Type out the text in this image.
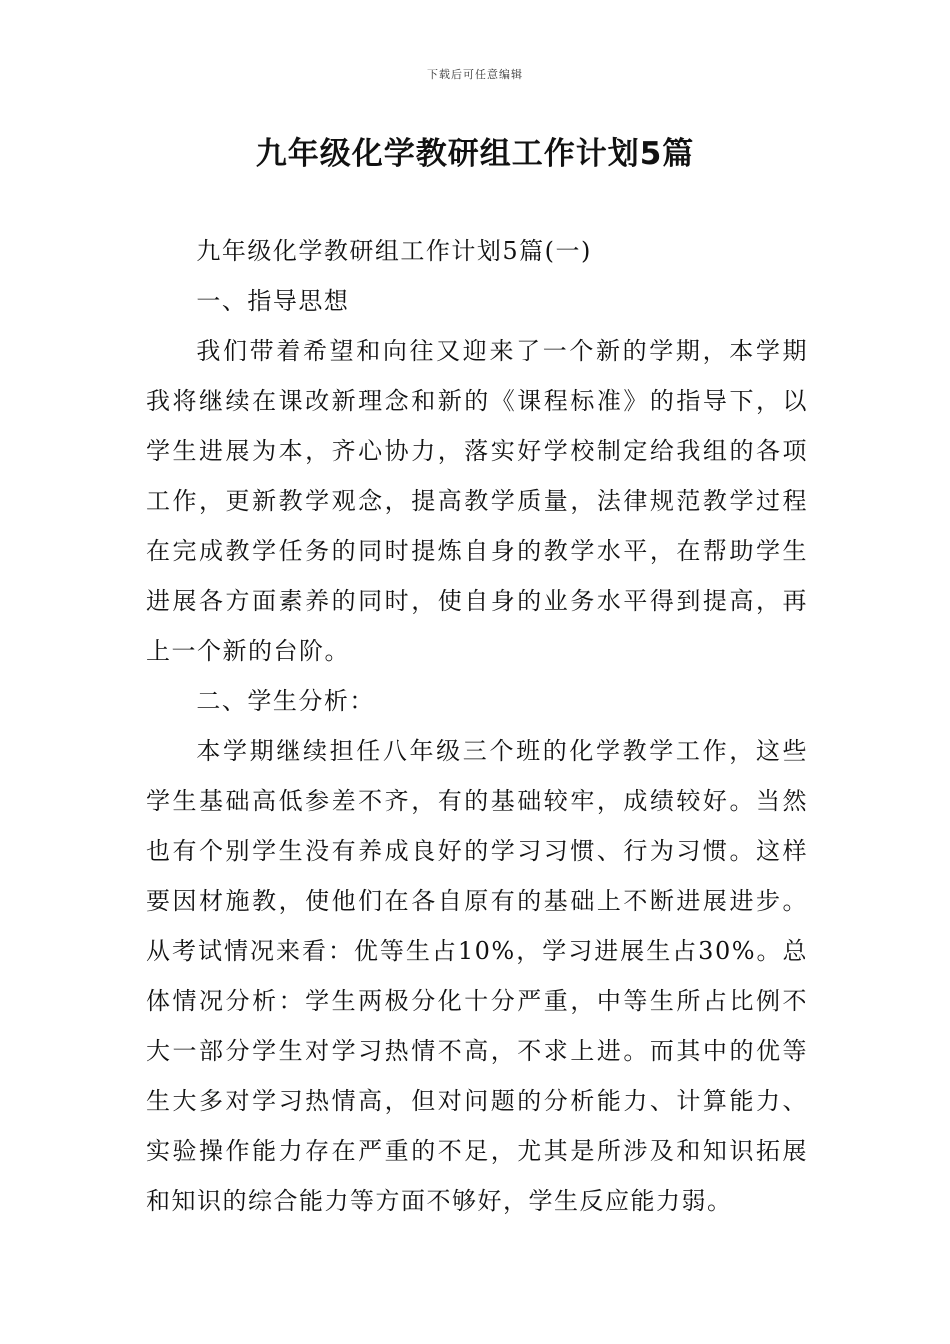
下载后可任意编辑
九年级化学教研组工作计划5篇

九年级化学教研组工作计划5篇(一)

一、指导思想

我们带着希望和向往又迎来了一个新的学期，本学期我将继续在课改新理念和新的《课程标准》的指导下，以学生进展为本，齐心协力，落实好学校制定给我组的各项工作，更新教学观念，提高教学质量，法律规范教学过程在完成教学任务的同时提炼自身的教学水平，在帮助学生进展各方面素养的同时，使自身的业务水平得到提高，再上一个新的台阶。

二、学生分析：

本学期继续担任八年级三个班的化学教学工作，这些学生基础高低参差不齐，有的基础较牢，成绩较好。当然也有个别学生没有养成良好的学习习惯、行为习惯。这样要因材施教，使他们在各自原有的基础上不断进展进步。从考试情况来看：优等生占10%，学习进展生占30%。总体情况分析：学生两极分化十分严重，中等生所占比例不大一部分学生对学习热情不高，不求上进。而其中的优等生大多对学习热情高，但对问题的分析能力、计算能力、实验操作能力存在严重的不足，尤其是所涉及和知识拓展和知识的综合能力等方面不够好，学生反应能力弱。
